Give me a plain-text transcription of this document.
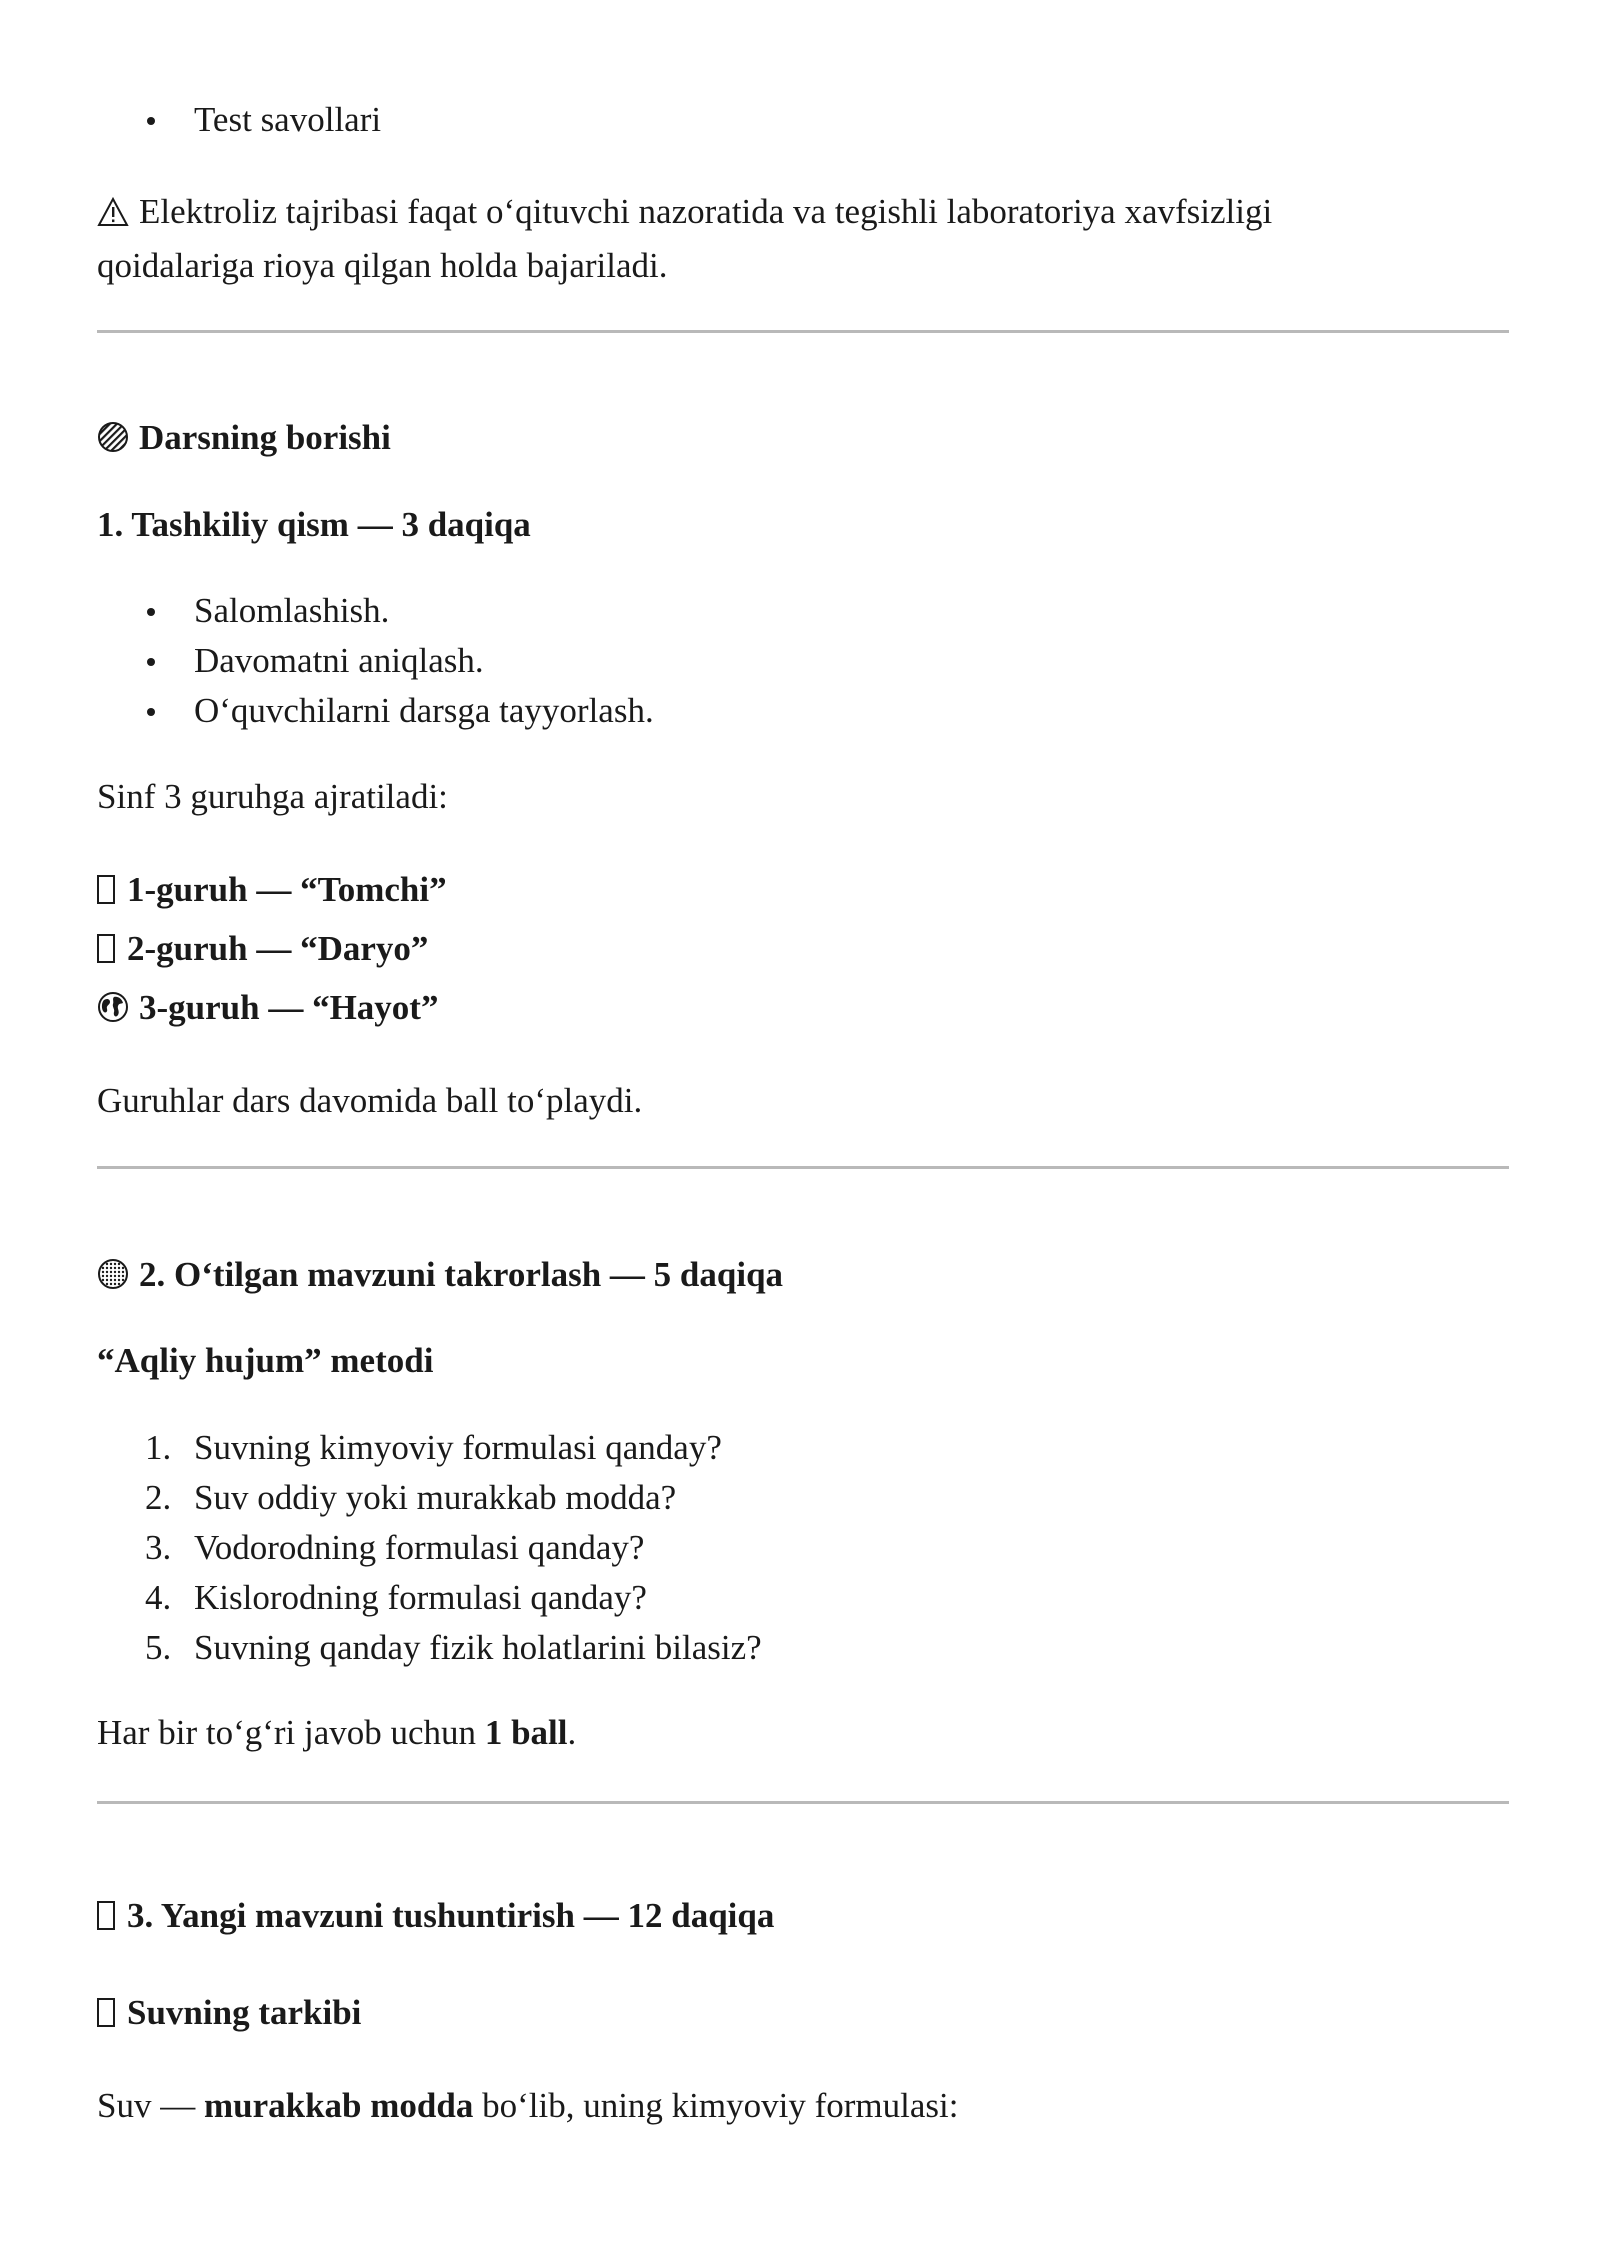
Test savollari
Elektroliz tajribasi faqat o‘qituvchi nazoratida va tegishli laboratoriya xavfsizligi
qoidalariga rioya qilgan holda bajariladi.
Darsning borishi
1. Tashkiliy qism — 3 daqiqa
Salomlashish.
Davomatni aniqlash.
O‘quvchilarni darsga tayyorlash.
Sinf 3 guruhga ajratiladi:
1-guruh — “Tomchi”
2-guruh — “Daryo”
3-guruh — “Hayot”
Guruhlar dars davomida ball to‘playdi.
2. O‘tilgan mavzuni takrorlash — 5 daqiqa
“Aqliy hujum” metodi
1. Suvning kimyoviy formulasi qanday?
2. Suv oddiy yoki murakkab modda?
3. Vodorodning formulasi qanday?
4. Kislorodning formulasi qanday?
5. Suvning qanday fizik holatlarini bilasiz?
Har bir to‘g‘ri javob uchun 1 ball.
3. Yangi mavzuni tushuntirish — 12 daqiqa
Suvning tarkibi
Suv — murakkab modda bo‘lib, uning kimyoviy formulasi:
